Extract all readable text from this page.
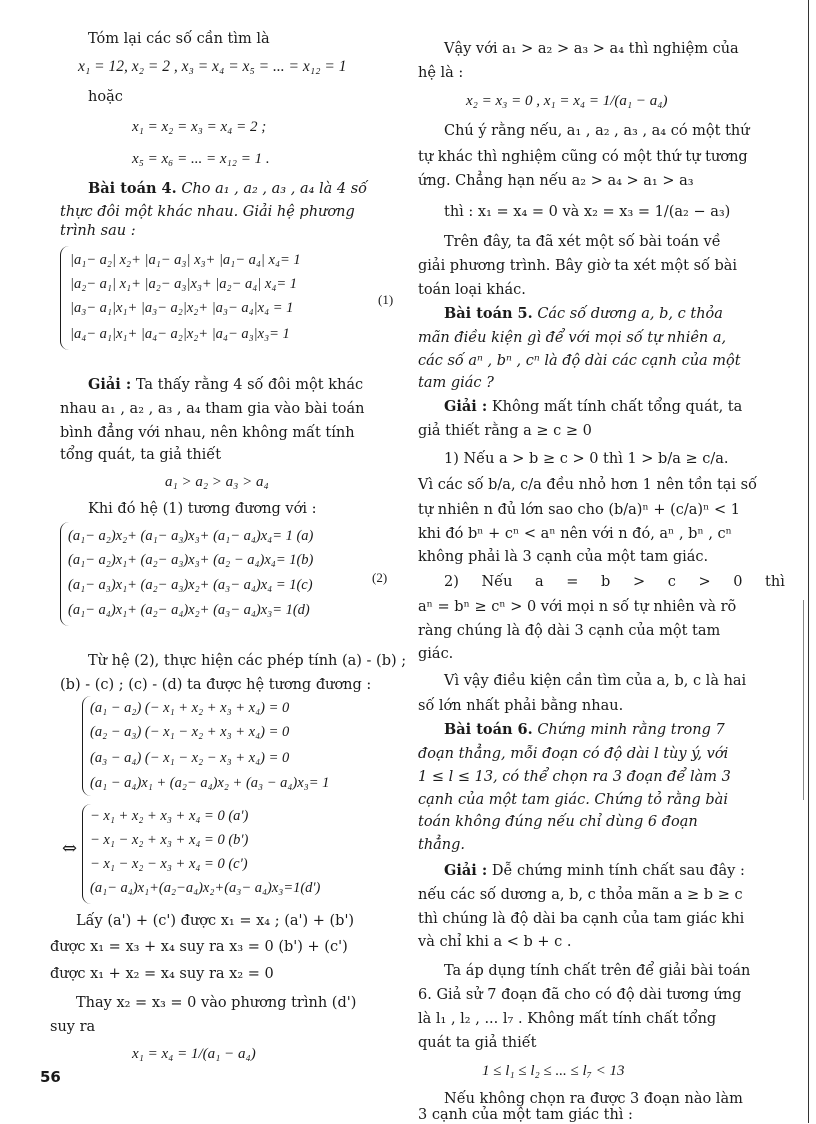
Tóm lại các số cần tìm là
x₁ = 12, x₂ = 2 , x₃ = x₄ = x₅ = ... = x₁₂ = 1
hoặc
x₁ = x₂ = x₃ = x₄ = 2 ;
x₅ = x₆ = ... = x₁₂ = 1 .
Bài toán 4. Cho a₁ , a₂ , a₃ , a₄ là 4 số
thực đôi một khác nhau. Giải hệ phương
trình sau :
|a₁− a₂| x₂+ |a₁− a₃| x₃+ |a₁− a₄| x₄= 1
|a₂− a₁| x₁+ |a₂− a₃|x₃+ |a₂− a₄| x₄= 1
|a₃− a₁|x₁+ |a₃− a₂|x₂+ |a₃− a₄|x₄ = 1
|a₄− a₁|x₁+ |a₄− a₂|x₂+ |a₄− a₃|x₃= 1
(1)
Giải : Ta thấy rằng 4 số đôi một khác
nhau a₁ , a₂ , a₃ , a₄ tham gia vào bài toán
bình đẳng với nhau, nên không mất tính
tổng quát, ta giả thiết
a₁ > a₂ > a₃ > a₄
Khi đó hệ (1) tương đương với :
(a₁− a₂)x₂+ (a₁− a₃)x₃+ (a₁− a₄)x₄= 1 (a)
(a₁− a₂)x₁+ (a₂− a₃)x₃+ (a₂ − a₄)x₄= 1(b)
(a₁− a₃)x₁+ (a₂− a₃)x₂+ (a₃− a₄)x₄ = 1(c)
(a₁− a₄)x₁+ (a₂− a₄)x₂+ (a₃− a₄)x₃= 1(d)
(2)
Từ hệ (2), thực hiện các phép tính (a) - (b) ;
(b) - (c) ; (c) - (d) ta được hệ tương đương :
(a₁ − a₂) (− x₁ + x₂ + x₃ + x₄) = 0
(a₂ − a₃) (− x₁ − x₂ + x₃ + x₄) = 0
(a₃ − a₄) (− x₁ − x₂ − x₃ + x₄) = 0
(a₁ − a₄)x₁ + (a₂− a₄)x₂ + (a₃ − a₄)x₃= 1
⇔
− x₁ + x₂ + x₃ + x₄ = 0 (a')
− x₁ − x₂ + x₃ + x₄ = 0 (b')
− x₁ − x₂ − x₃ + x₄ = 0 (c')
(a₁− a₄)x₁+(a₂−a₄)x₂+(a₃− a₄)x₃=1(d')
Lấy (a') + (c') được x₁ = x₄ ; (a') + (b')
được x₁ = x₃ + x₄ suy ra x₃ = 0 (b') + (c')
được x₁ + x₂ = x₄ suy ra x₂ = 0
Thay x₂ = x₃ = 0 vào phương trình (d')
suy ra
x₁ = x₄ = 1/(a₁ − a₄)
Vậy với a₁ > a₂ > a₃ > a₄ thì nghiệm của
hệ là :
x₂ = x₃ = 0 , x₁ = x₄ = 1/(a₁ − a₄)
Chú ý rằng nếu, a₁ , a₂ , a₃ , a₄ có một thứ
tự khác thì nghiệm cũng có một thứ tự tương
ứng. Chẳng hạn nếu a₂ > a₄ > a₁ > a₃
thì : x₁ = x₄ = 0 và x₂ = x₃ = 1/(a₂ − a₃)
Trên đây, ta đã xét một số bài toán về
giải phương trình. Bây giờ ta xét một số bài
toán loại khác.
Bài toán 5. Các số dương a, b, c thỏa
mãn điều kiện gì để với mọi số tự nhiên a,
các số aⁿ , bⁿ , cⁿ là độ dài các cạnh của một
tam giác ?
Giải : Không mất tính chất tổng quát, ta
giả thiết rằng a ≥ c ≥ 0
1) Nếu a > b ≥ c > 0 thì 1 > b/a ≥ c/a.
Vì các số b/a, c/a đều nhỏ hơn 1 nên tồn tại số
tự nhiên n đủ lớn sao cho (b/a)ⁿ + (c/a)ⁿ < 1
khi đó bⁿ + cⁿ < aⁿ nên với n đó, aⁿ , bⁿ , cⁿ
không phải là 3 cạnh của một tam giác.
2) Nếu a = b > c > 0 thì
aⁿ = bⁿ ≥ cⁿ > 0 với mọi n số tự nhiên và rõ
ràng chúng là độ dài 3 cạnh của một tam
giác.
Vì vậy điều kiện cần tìm của a, b, c là hai
số lớn nhất phải bằng nhau.
Bài toán 6. Chứng minh rằng trong 7
đoạn thẳng, mỗi đoạn có độ dài l tùy ý, với
1 ≤ l ≤ 13, có thể chọn ra 3 đoạn để làm 3
cạnh của một tam giác. Chứng tỏ rằng bài
toán không đúng nếu chỉ dùng 6 đoạn
thẳng.
Giải : Dễ chứng minh tính chất sau đây :
nếu các số dương a, b, c thỏa mãn a ≥ b ≥ c
thì chúng là độ dài ba cạnh của tam giác khi
và chỉ khi a < b + c .
Ta áp dụng tính chất trên để giải bài toán
6. Giả sử 7 đoạn đã cho có độ dài tương ứng
là l₁ , l₂ , ... l₇ . Không mất tính chất tổng
quát ta giả thiết
1 ≤ l₁ ≤ l₂ ≤ ... ≤ l₇ < 13
Nếu không chọn ra được 3 đoạn nào làm
3 cạnh của một tam giác thì :
56
